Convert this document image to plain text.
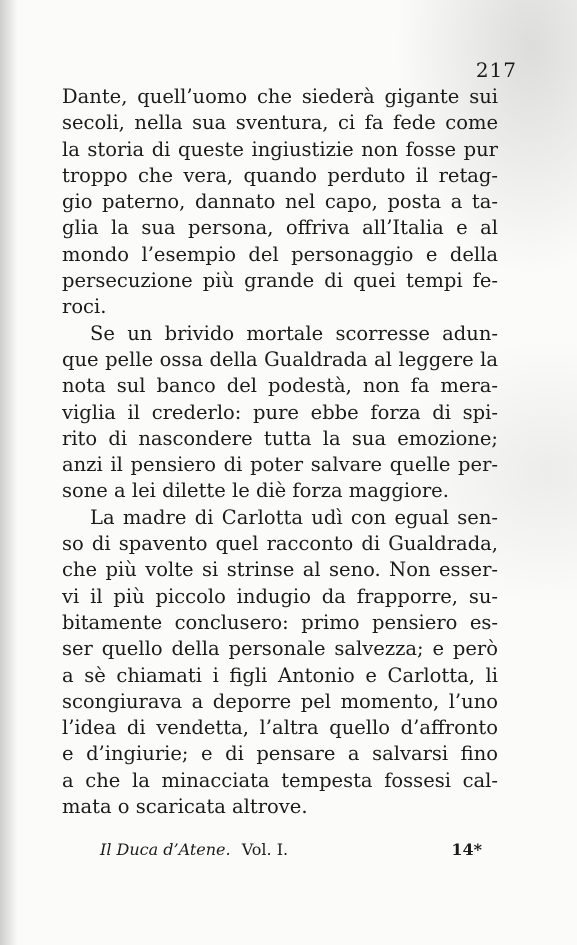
217
Dante, quell’uomo che siederà gigante sui
secoli, nella sua sventura, ci fa fede come
la storia di queste ingiustizie non fosse pur
troppo che vera, quando perduto il retag-
gio paterno, dannato nel capo, posta a ta-
glia la sua persona, offriva all’Italia e al
mondo l’esempio del personaggio e della
persecuzione più grande di quei tempi fe-
roci.
Se un brivido mortale scorresse adun-
que pelle ossa della Gualdrada al leggere la
nota sul banco del podestà, non fa mera-
viglia il crederlo: pure ebbe forza di spi-
rito di nascondere tutta la sua emozione;
anzi il pensiero di poter salvare quelle per-
sone a lei dilette le diè forza maggiore.
La madre di Carlotta udì con egual sen-
so di spavento quel racconto di Gualdrada,
che più volte si strinse al seno. Non esser-
vi il più piccolo indugio da frapporre, su-
bitamente conclusero: primo pensiero es-
ser quello della personale salvezza; e però
a sè chiamati i figli Antonio e Carlotta, li
scongiurava a deporre pel momento, l’uno
l’idea di vendetta, l’altra quello d’affronto
e d’ingiurie; e di pensare a salvarsi fino
a che la minacciata tempesta fossesi cal-
mata o scaricata altrove.
Il Duca d’Atene. Vol. I.	14*
